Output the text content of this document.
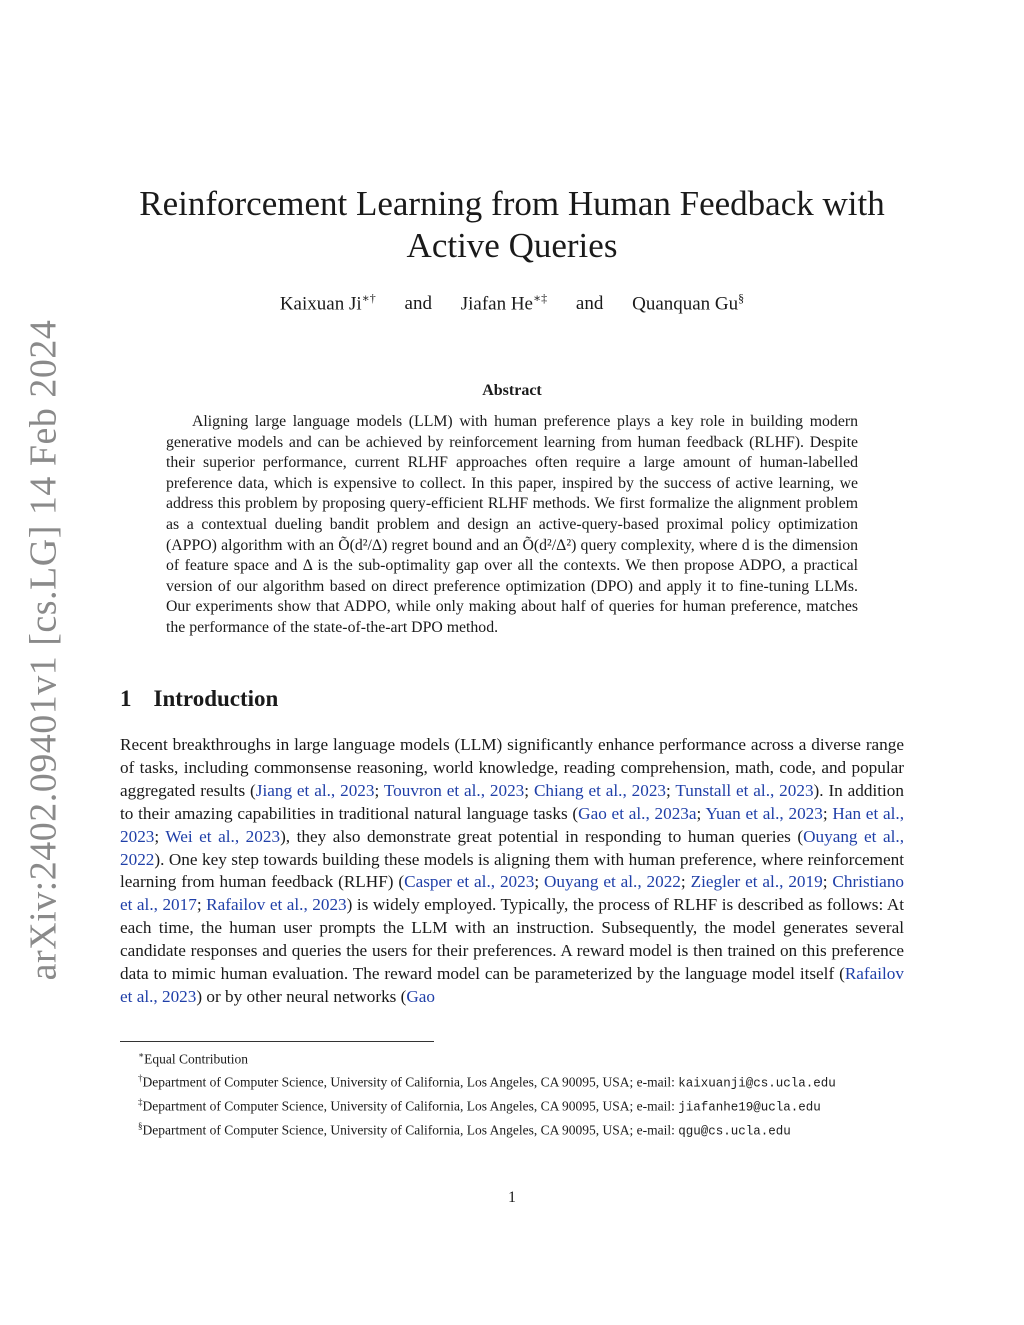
arXiv:2402.09401v1 [cs.LG] 14 Feb 2024
Reinforcement Learning from Human Feedback with Active Queries
Kaixuan Ji∗† and Jiafan He∗‡ and Quanquan Gu§
Abstract

Aligning large language models (LLM) with human preference plays a key role in building modern generative models and can be achieved by reinforcement learning from human feedback (RLHF). Despite their superior performance, current RLHF approaches often require a large amount of human-labelled preference data, which is expensive to collect. In this paper, inspired by the success of active learning, we address this problem by proposing query-efficient RLHF methods. We first formalize the alignment problem as a contextual dueling bandit problem and design an active-query-based proximal policy optimization (APPO) algorithm with an Õ(d²/Δ) regret bound and an Õ(d²/Δ²) query complexity, where d is the dimension of feature space and Δ is the sub-optimality gap over all the contexts. We then propose ADPO, a practical version of our algorithm based on direct preference optimization (DPO) and apply it to fine-tuning LLMs. Our experiments show that ADPO, while only making about half of queries for human preference, matches the performance of the state-of-the-art DPO method.

1 Introduction

Recent breakthroughs in large language models (LLM) significantly enhance performance across a diverse range of tasks, including commonsense reasoning, world knowledge, reading comprehension, math, code, and popular aggregated results (Jiang et al., 2023; Touvron et al., 2023; Chiang et al., 2023; Tunstall et al., 2023). In addition to their amazing capabilities in traditional natural language tasks (Gao et al., 2023a; Yuan et al., 2023; Han et al., 2023; Wei et al., 2023), they also demonstrate great potential in responding to human queries (Ouyang et al., 2022). One key step towards building these models is aligning them with human preference, where reinforcement learning from human feedback (RLHF) (Casper et al., 2023; Ouyang et al., 2022; Ziegler et al., 2019; Christiano et al., 2017; Rafailov et al., 2023) is widely employed. Typically, the process of RLHF is described as follows: At each time, the human user prompts the LLM with an instruction. Subsequently, the model generates several candidate responses and queries the users for their preferences. A reward model is then trained on this preference data to mimic human evaluation. The reward model can be parameterized by the language model itself (Rafailov et al., 2023) or by other neural networks (Gao

∗Equal Contribution

†Department of Computer Science, University of California, Los Angeles, CA 90095, USA; e-mail: kaixuanji@cs.ucla.edu

‡Department of Computer Science, University of California, Los Angeles, CA 90095, USA; e-mail: jiafanhe19@ucla.edu

§Department of Computer Science, University of California, Los Angeles, CA 90095, USA; e-mail: qgu@cs.ucla.edu

1
